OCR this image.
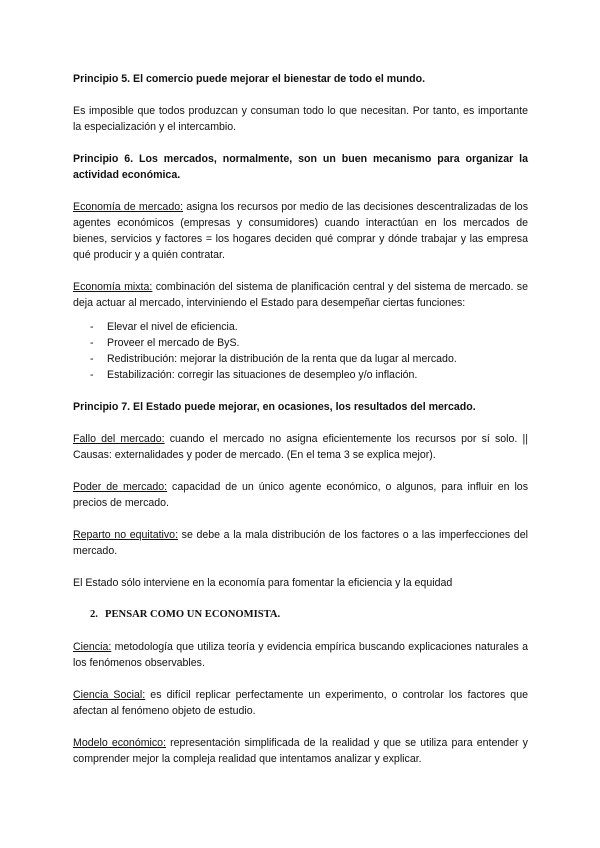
Principio 5. El comercio puede mejorar el bienestar de todo el mundo.

Es imposible que todos produzcan y consuman todo lo que necesitan. Por tanto, es importante la especialización y el intercambio.

Principio 6. Los mercados, normalmente, son un buen mecanismo para organizar la actividad económica.

Economía de mercado: asigna los recursos por medio de las decisiones descentralizadas de los agentes económicos (empresas y consumidores) cuando interactúan en los mercados de bienes, servicios y factores = los hogares deciden qué comprar y dónde trabajar y las empresa qué producir y a quién contratar.

Economía mixta: combinación del sistema de planificación central y del sistema de mercado. se deja actuar al mercado, interviniendo el Estado para desempeñar ciertas funciones:

- Elevar el nivel de eficiencia.
- Proveer el mercado de ByS.
- Redistribución: mejorar la distribución de la renta que da lugar al mercado.
- Estabilización: corregir las situaciones de desempleo y/o inflación.

Principio 7. El Estado puede mejorar, en ocasiones, los resultados del mercado.

Fallo del mercado: cuando el mercado no asigna eficientemente los recursos por sí solo. || Causas: externalidades y poder de mercado. (En el tema 3 se explica mejor).

Poder de mercado: capacidad de un único agente económico, o algunos, para influir en los precios de mercado.

Reparto no equitativo: se debe a la mala distribución de los factores o a las imperfecciones del mercado.

El Estado sólo interviene en la economía para fomentar la eficiencia y la equidad

2. PENSAR COMO UN ECONOMISTA.

Ciencia: metodología que utiliza teoría y evidencia empírica buscando explicaciones naturales a los fenómenos observables.

Ciencia Social: es difícil replicar perfectamente un experimento, o controlar los factores que afectan al fenómeno objeto de estudio.

Modelo económico: representación simplificada de la realidad y que se utiliza para entender y comprender mejor la compleja realidad que intentamos analizar y explicar.
